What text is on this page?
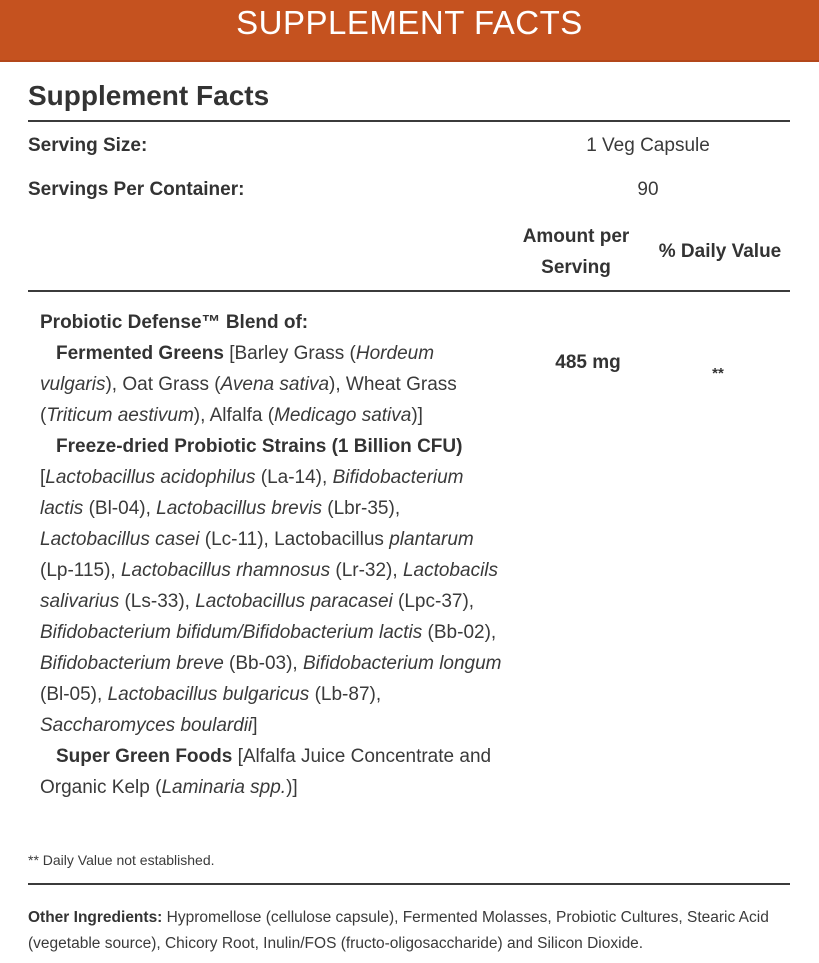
SUPPLEMENT FACTS
Supplement Facts
Serving Size:	1 Veg Capsule
Servings Per Container:	90
Amount per
Serving
% Daily Value

Probiotic Defense™ Blend of:

Fermented Greens [Barley Grass (Hordeum vulgaris), Oat Grass (Avena sativa), Wheat Grass (Triticum aestivum), Alfalfa (Medicago sativa)]

Freeze-dried Probiotic Strains (1 Billion CFU)

[Lactobacillus acidophilus (La-14), Bifidobacterium lactis (Bl-04), Lactobacillus brevis (Lbr-35), Lactobacillus casei (Lc-11), Lactobacillus plantarum (Lp-115), Lactobacillus rhamnosus (Lr-32), Lactobacils salivarius (Ls-33), Lactobacillus paracasei (Lpc-37), Bifidobacterium bifidum/Bifidobacterium lactis (Bb-02), Bifidobacterium breve (Bb-03), Bifidobacterium longum (Bl-05), Lactobacillus bulgaricus (Lb-87), Saccharomyces boulardii]

Super Green Foods [Alfalfa Juice Concentrate and Organic Kelp (Laminaria spp.)]

485 mg
**
** Daily Value not established.
Other Ingredients: Hypromellose (cellulose capsule), Fermented Molasses, Probiotic Cultures, Stearic Acid (vegetable source), Chicory Root, Inulin/FOS (fructo-oligosaccharide) and Silicon Dioxide.
